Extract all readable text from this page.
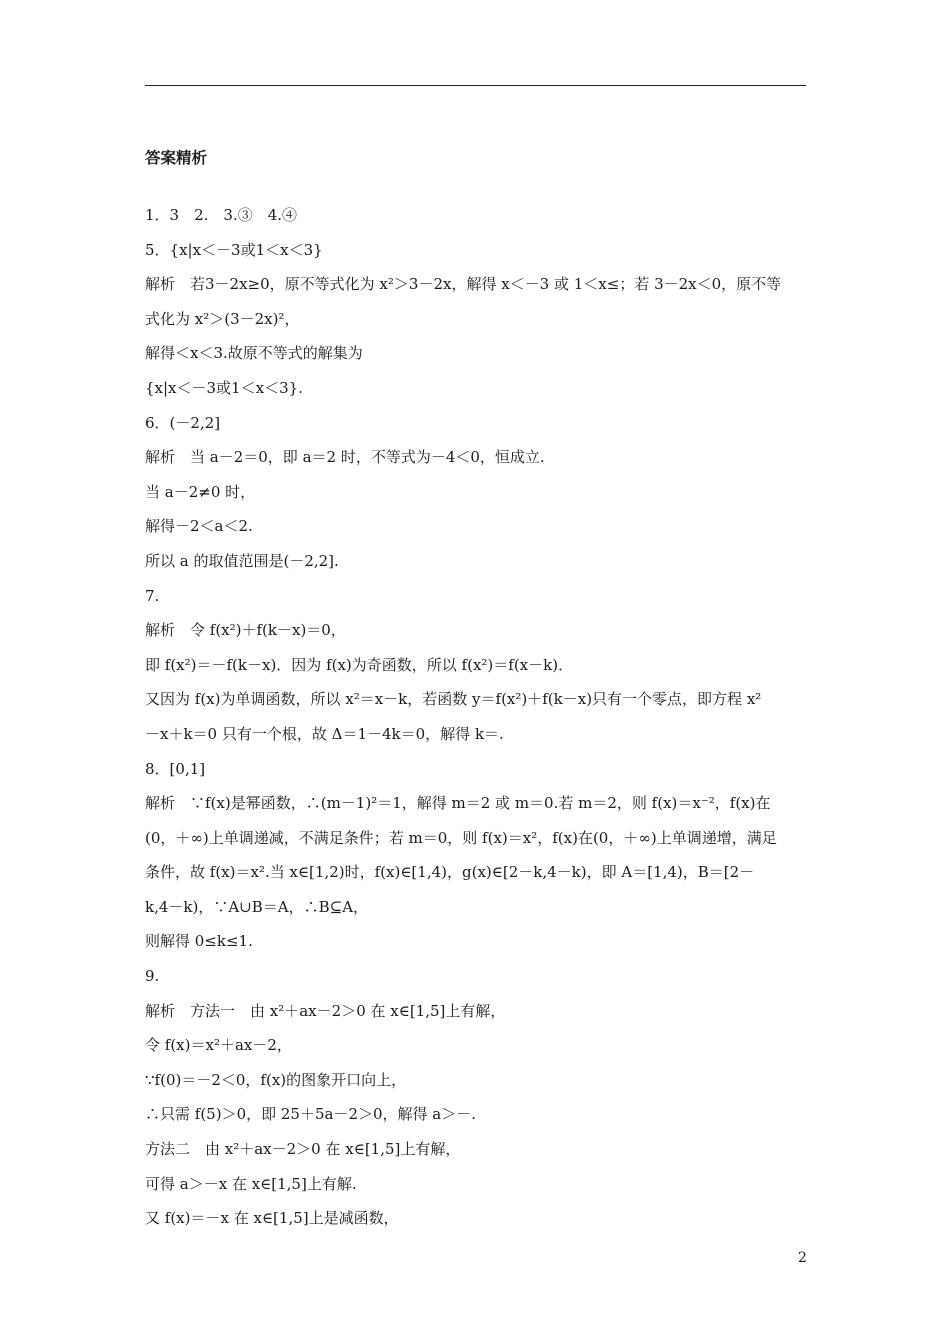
答案精析
1．3　2.　3.③　4.④
5．{x|x＜－3或1＜x＜3}
解析　若3－2x≥0，原不等式化为 x²＞3－2x，解得 x＜－3 或 1＜x≤；若 3－2x＜0，原不等
式化为 x²＞(3－2x)²，
解得＜x＜3.故原不等式的解集为
{x|x＜－3或1＜x＜3}.
6．(－2,2]
解析　当 a－2＝0，即 a＝2 时，不等式为－4＜0，恒成立.
当 a－2≠0 时，
解得－2＜a＜2.
所以 a 的取值范围是(－2,2].
7.
解析　令 f(x²)＋f(k－x)＝0，
即 f(x²)＝－f(k－x)．因为 f(x)为奇函数，所以 f(x²)＝f(x－k)．
又因为 f(x)为单调函数，所以 x²＝x－k，若函数 y＝f(x²)＋f(k－x)只有一个零点，即方程 x²
－x＋k＝0 只有一个根，故 Δ＝1－4k＝0，解得 k＝.
8．[0,1]
解析　∵f(x)是幂函数，∴(m－1)²＝1，解得 m＝2 或 m＝0.若 m＝2，则 f(x)＝x⁻²，f(x)在
(0，＋∞)上单调递减，不满足条件；若 m＝0，则 f(x)＝x²，f(x)在(0，＋∞)上单调递增，满足
条件，故 f(x)＝x².当 x∈[1,2)时，f(x)∈[1,4)，g(x)∈[2－k,4－k)，即 A＝[1,4)，B＝[2－
k,4－k)，∵A∪B＝A，∴B⊆A，
则解得 0≤k≤1.
9.
解析　方法一　由 x²＋ax－2＞0 在 x∈[1,5]上有解，
令 f(x)＝x²＋ax－2，
∵f(0)＝－2＜0，f(x)的图象开口向上，
∴只需 f(5)＞0，即 25＋5a－2＞0，解得 a＞－.
方法二　由 x²＋ax－2＞0 在 x∈[1,5]上有解，
可得 a＞－x 在 x∈[1,5]上有解.
又 f(x)＝－x 在 x∈[1,5]上是减函数，
2
